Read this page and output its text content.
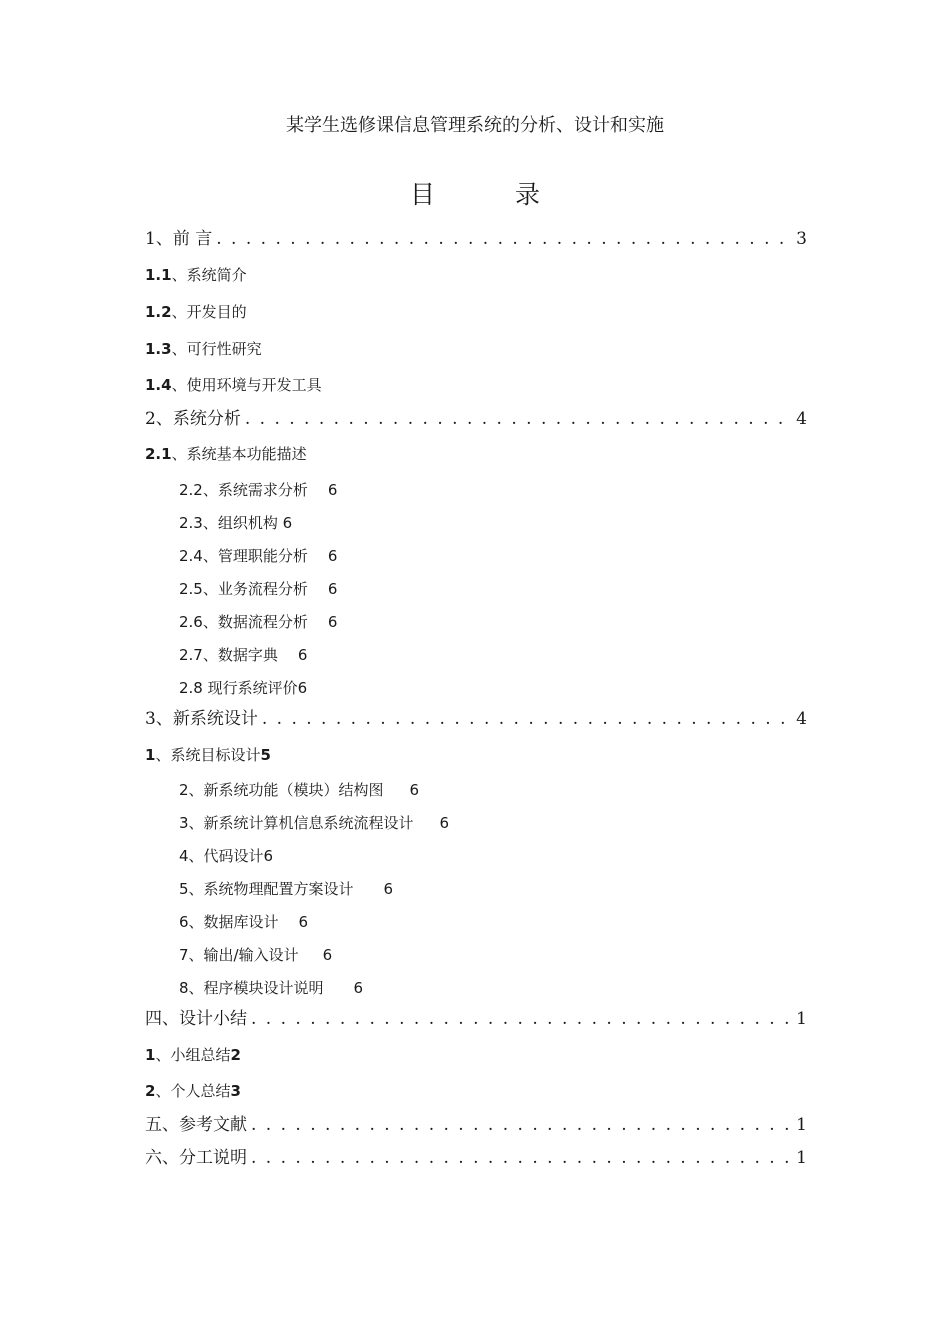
某学生选修课信息管理系统的分析、设计和实施
目 录
1、前 言 . . .	3
1.1、系统简介
1.2、开发目的
1.3、可行性研究
1.4、使用环境与开发工具
2、系统分析 . . .	4
2.1、系统基本功能描述
2.2、系统需求分析 6
2.3、组织机构 6
2.4、管理职能分析 6
2.5、业务流程分析 6
2.6、数据流程分析 6
2.7、数据字典 6
2.8 现行系统评价6
3、新系统设计 . . .	4
1、系统目标设计5
2、新系统功能（模块）结构图 6
3、新系统计算机信息系统流程设计 6
4、代码设计6
5、系统物理配置方案设计 6
6、数据库设计 6
7、输出/输入设计 6
8、程序模块设计说明 6
四、设计小结 . . .	1
1、小组总结2
2、个人总结3
五、参考文献 . . .	1
六、分工说明 . . .	1
